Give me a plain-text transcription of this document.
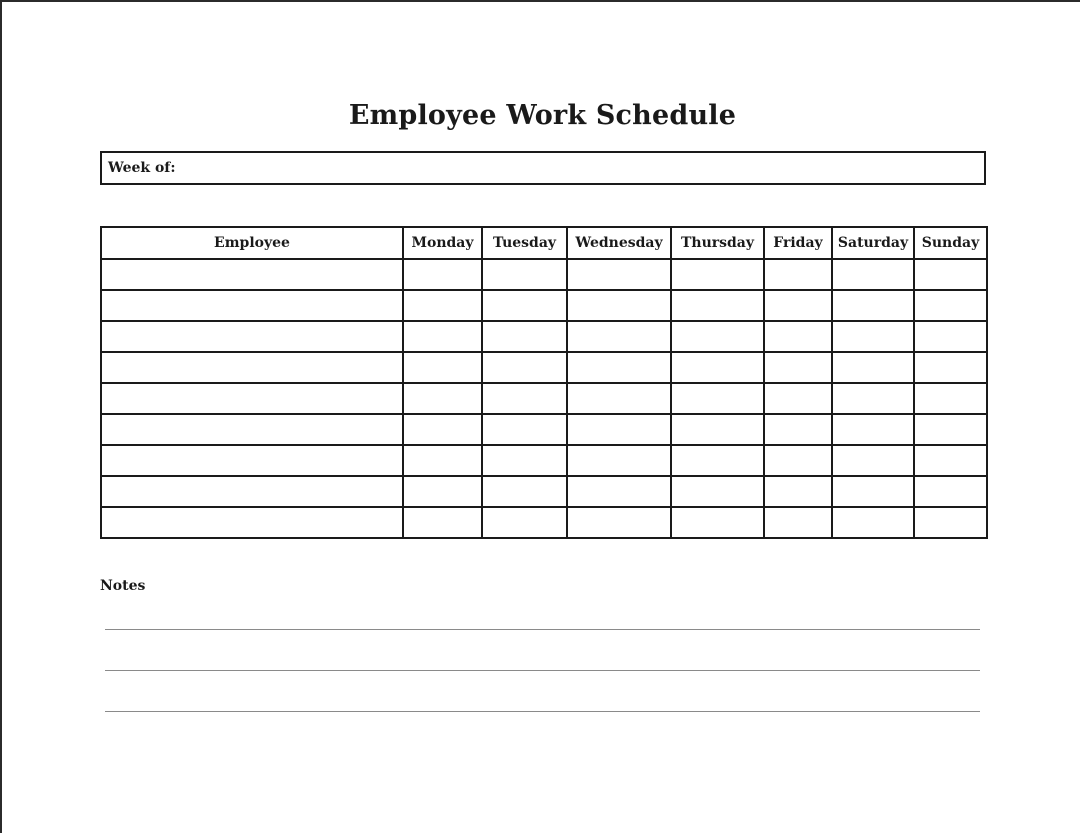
Employee Work Schedule
Week of:
Employee	Monday	Tuesday	Wednesday	Thursday	Friday	Saturday	Sunday

Notes
